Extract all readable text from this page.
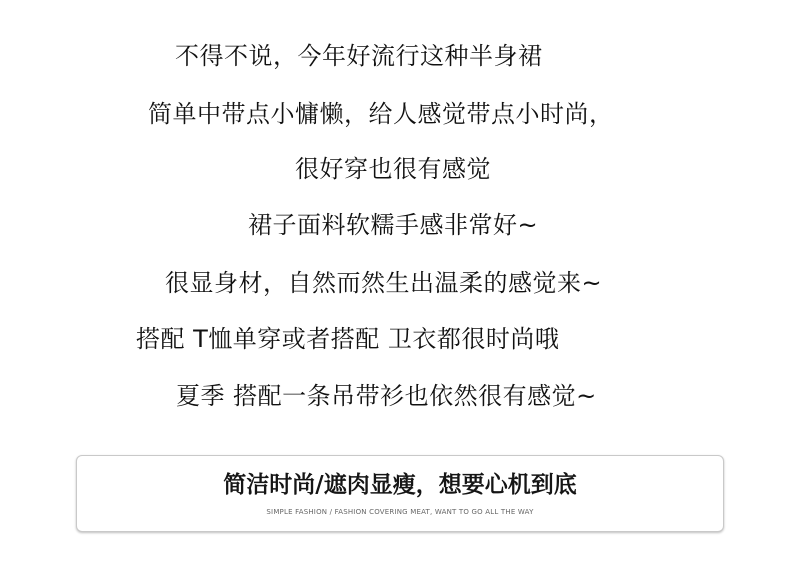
不得不说，今年好流行这种半身裙
简单中带点小慵懒，给人感觉带点小时尚，
很好穿也很有感觉
裙子面料软糯手感非常好~
很显身材，自然而然生出温柔的感觉来~
搭配 T恤单穿或者搭配 卫衣都很时尚哦
夏季 搭配一条吊带衫也依然很有感觉~
简洁时尚/遮肉显瘦，想要心机到底
SIMPLE FASHION / FASHION COVERING MEAT, WANT TO GO ALL THE WAY
